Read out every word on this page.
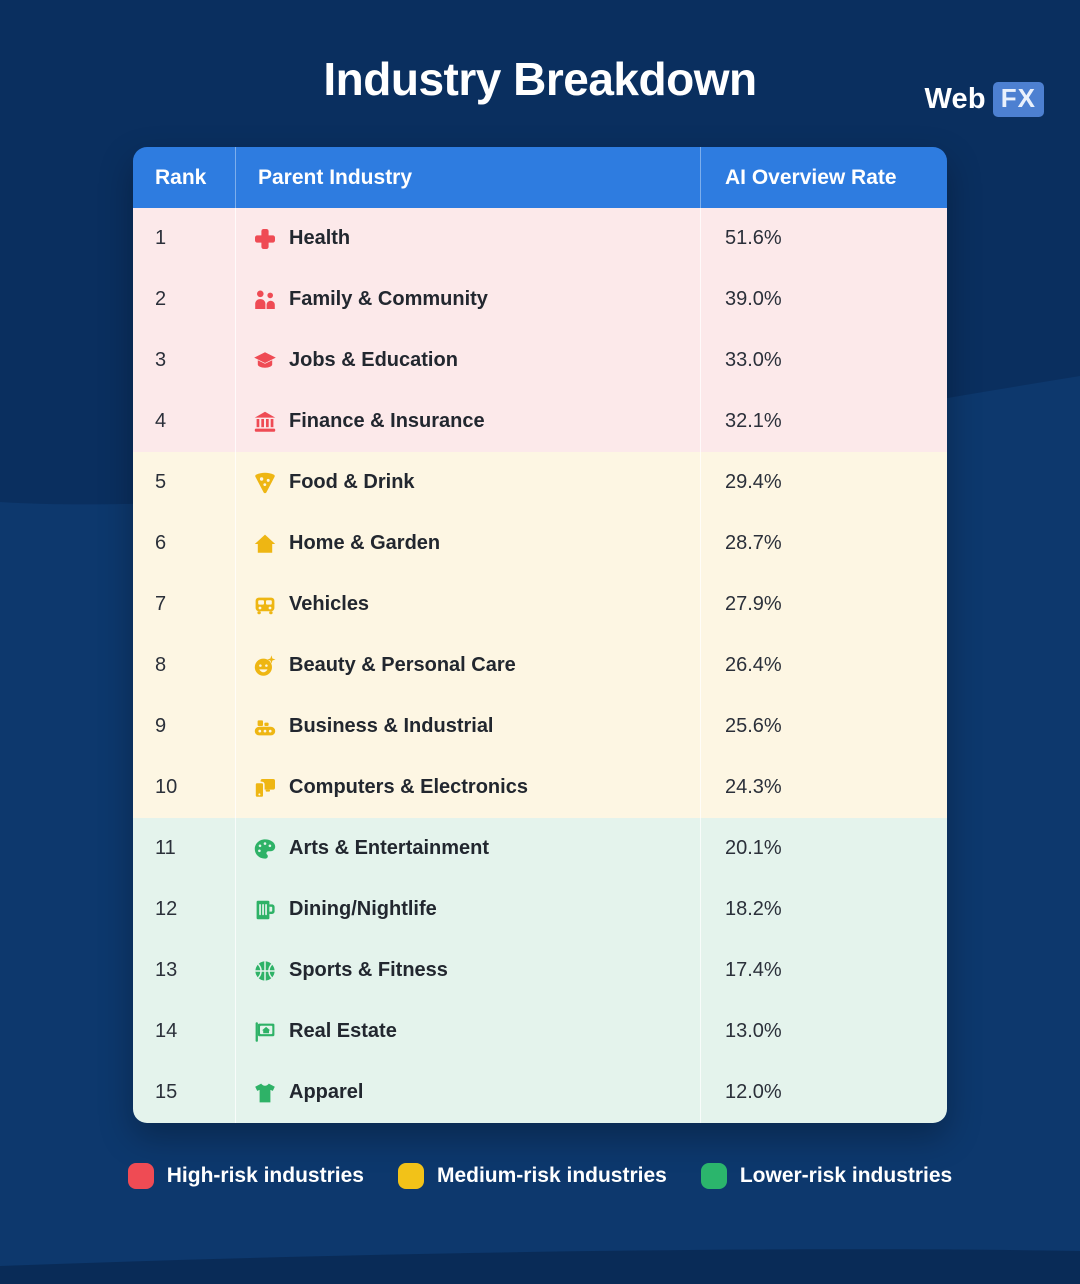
Web FX
Industry Breakdown
Rank	Parent Industry	AI Overview Rate
1	Health	51.6%
2	Family & Community	39.0%
3	Jobs & Education	33.0%
4	Finance & Insurance	32.1%
5	Food & Drink	29.4%
6	Home & Garden	28.7%
7	Vehicles	27.9%
8	Beauty & Personal Care	26.4%
9	Business & Industrial	25.6%
10	Computers & Electronics	24.3%
11	Arts & Entertainment	20.1%
12	Dining/Nightlife	18.2%
13	Sports & Fitness	17.4%
14	Real Estate	13.0%
15	Apparel	12.0%
High-risk industries	Medium-risk industries	Lower-risk industries
